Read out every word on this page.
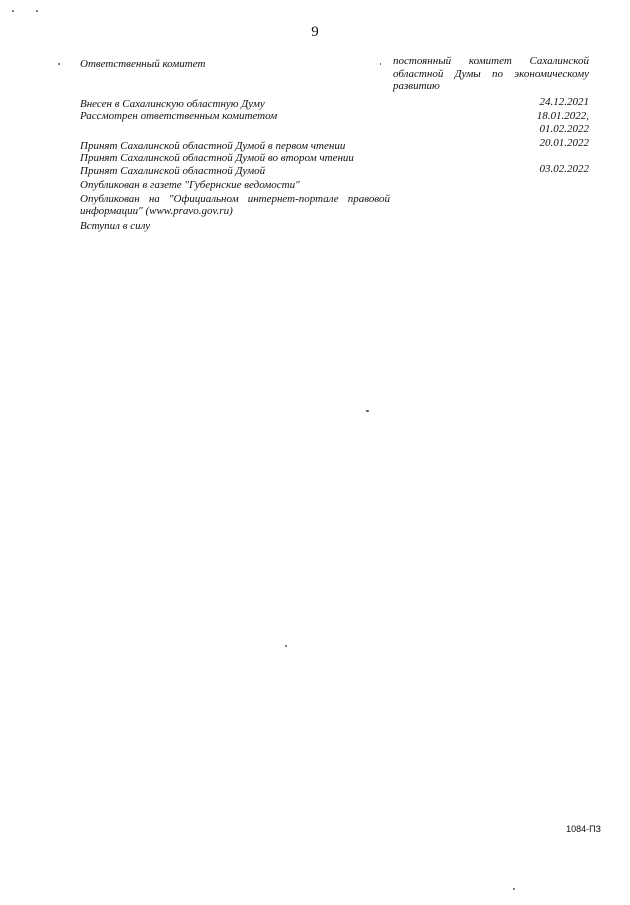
9
Ответственный комитет	постоянный комитет Сахалинской
областной Думы по экономическому
развитию
Внесен в Сахалинскую областную Думу	24.12.2021
Рассмотрен ответственным комитетом	18.01.2022,
01.02.2022
Принят Сахалинской областной Думой в первом чтении	20.01.2022
Принят Сахалинской областной Думой во втором чтении
Принят Сахалинской областной Думой	03.02.2022
Опубликован в газете "Губернские ведомости"
Опубликован на "Официальном интернет-портале правовой
информации" (www.pravo.gov.ru)
Вступил в силу
1084-ПЗ
